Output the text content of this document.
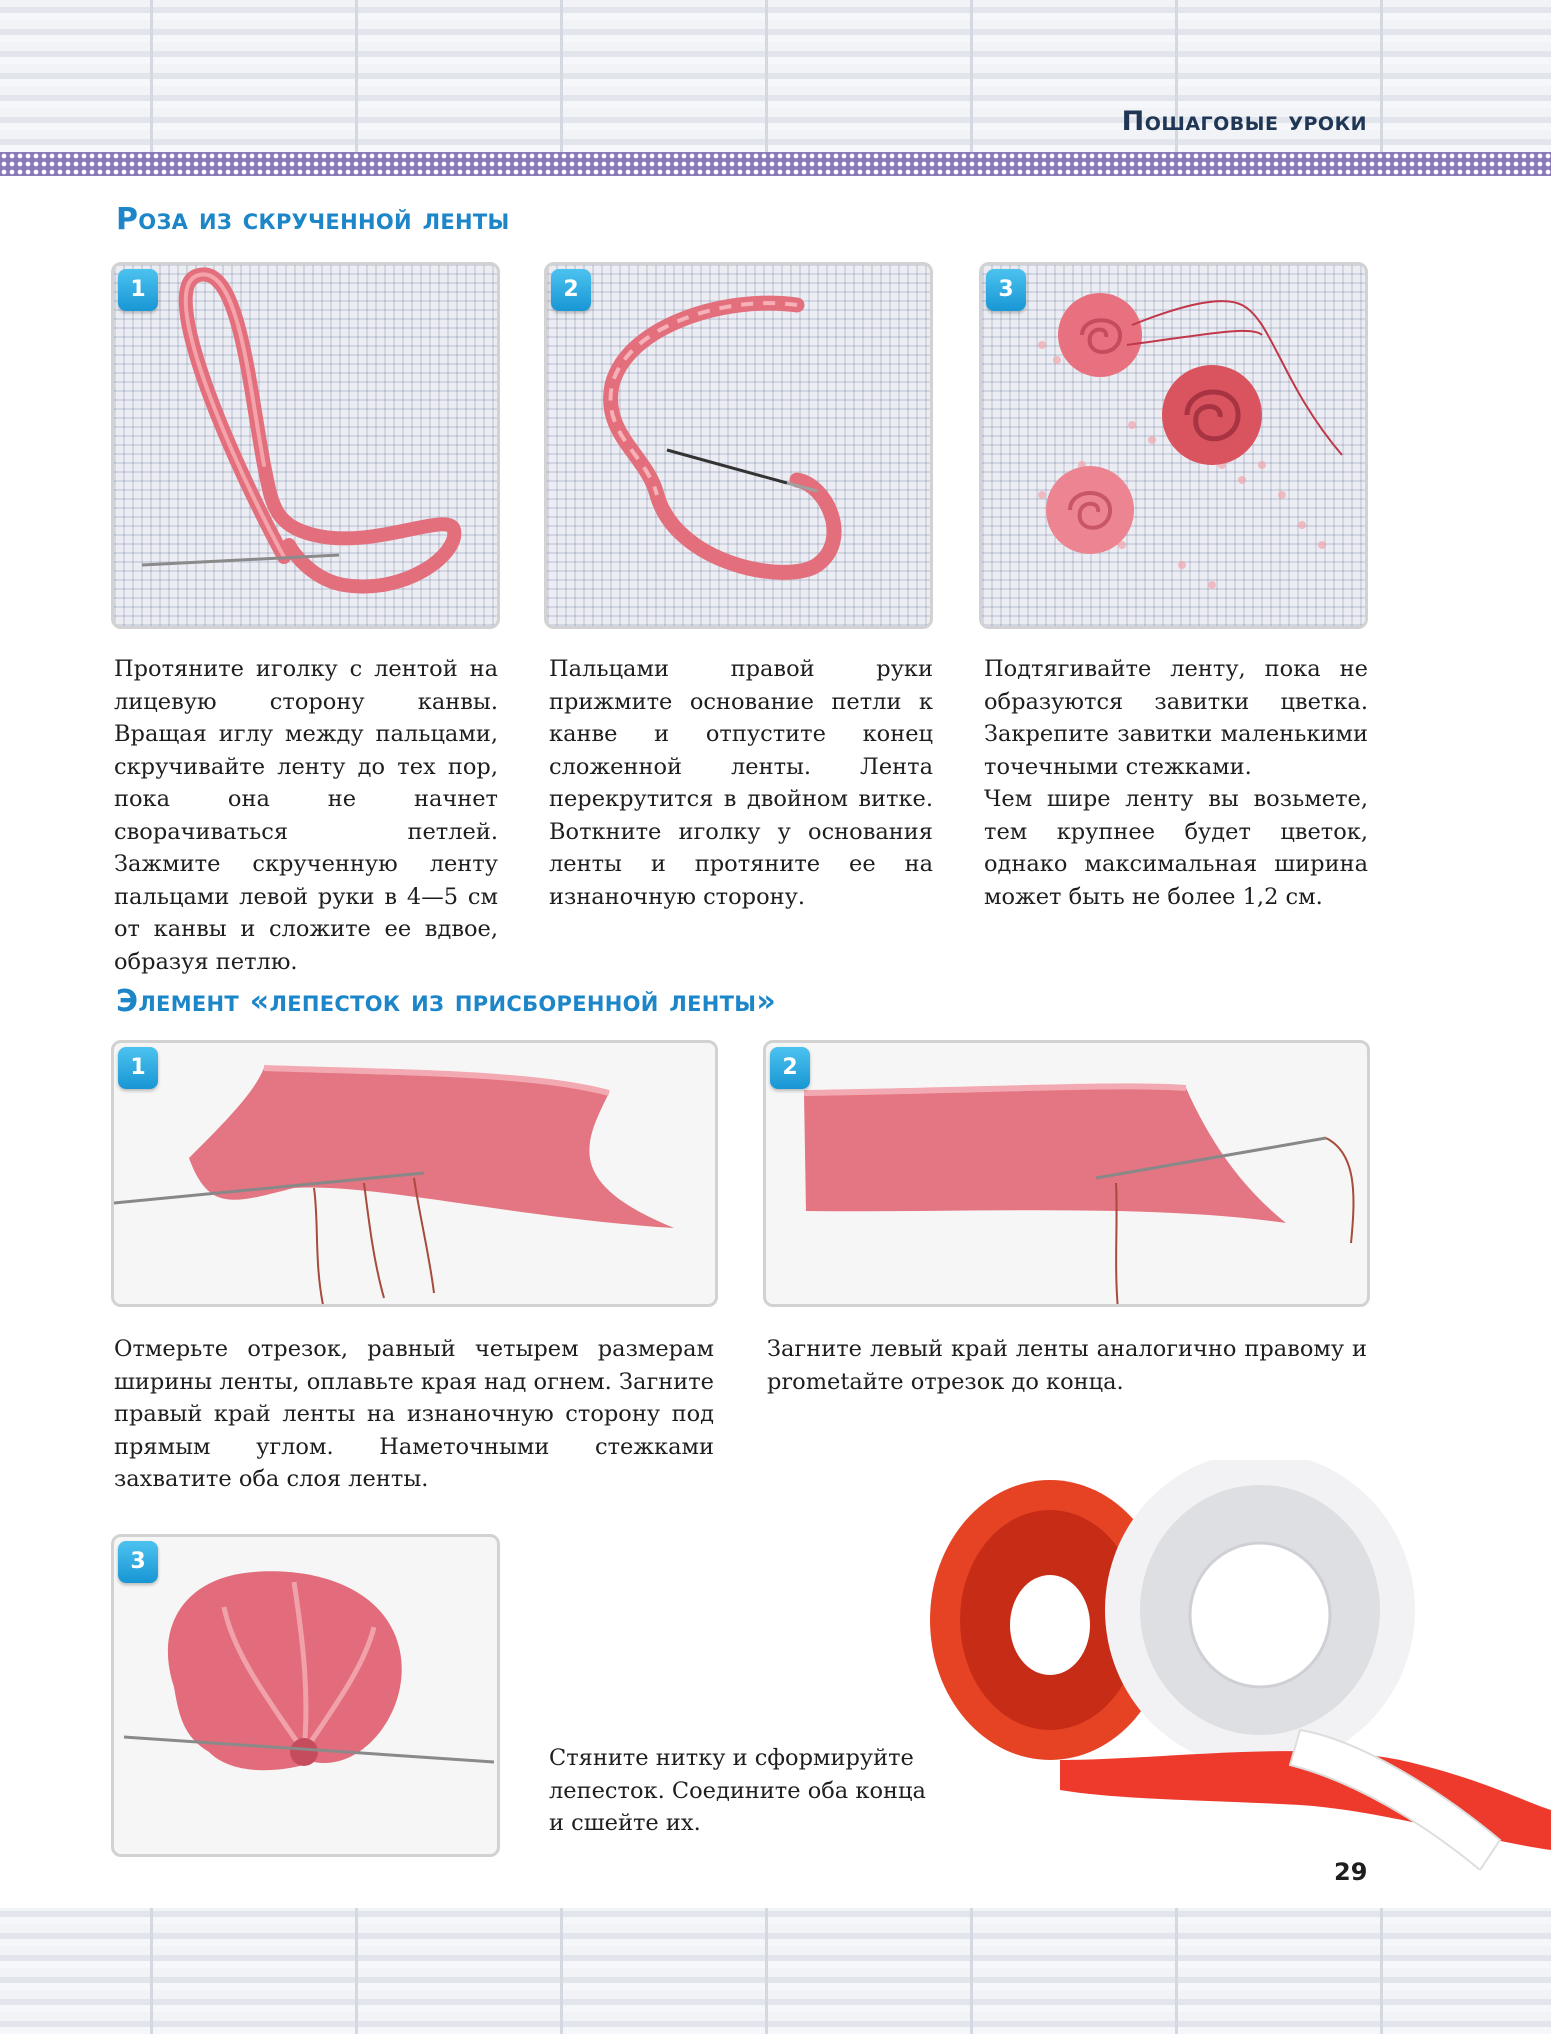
Пошаговые уроки
Роза из скрученной ленты
1	2	3
Протяните иголку с лентой на лицевую сторону канвы. Вращая иглу между пальцами, скручивайте ленту до тех пор, пока она не начнет сворачиваться петлей. Зажмите скрученную ленту пальцами левой руки в 4—5 см от канвы и сложите ее вдвое, образуя петлю.
Пальцами правой руки прижмите основание петли к канве и отпустите конец сложенной ленты. Лента перекрутится в двойном витке. Воткните иголку у основания ленты и протяните ее на изнаночную сторону.

Подтягивайте ленту, пока не образуются завитки цветка. Закрепите завитки маленькими точечными стежками.

Чем шире ленту вы возьмете, тем крупнее будет цветок, однако максимальная ширина может быть не более 1,2 см.

Элемент «лепесток из присборенной ленты»
1	2
Отмерьте отрезок, равный четырем размерам ширины ленты, оплавьте края над огнем. Загните правый край ленты на изнаночную сторону под прямым углом. Наметочными стежками захватите оба слоя ленты.
Загните левый край ленты аналогично правому и prometайте отрезок до конца.
3
Стяните нитку и сформируйте лепесток. Соедините оба конца и сшейте их.
29
